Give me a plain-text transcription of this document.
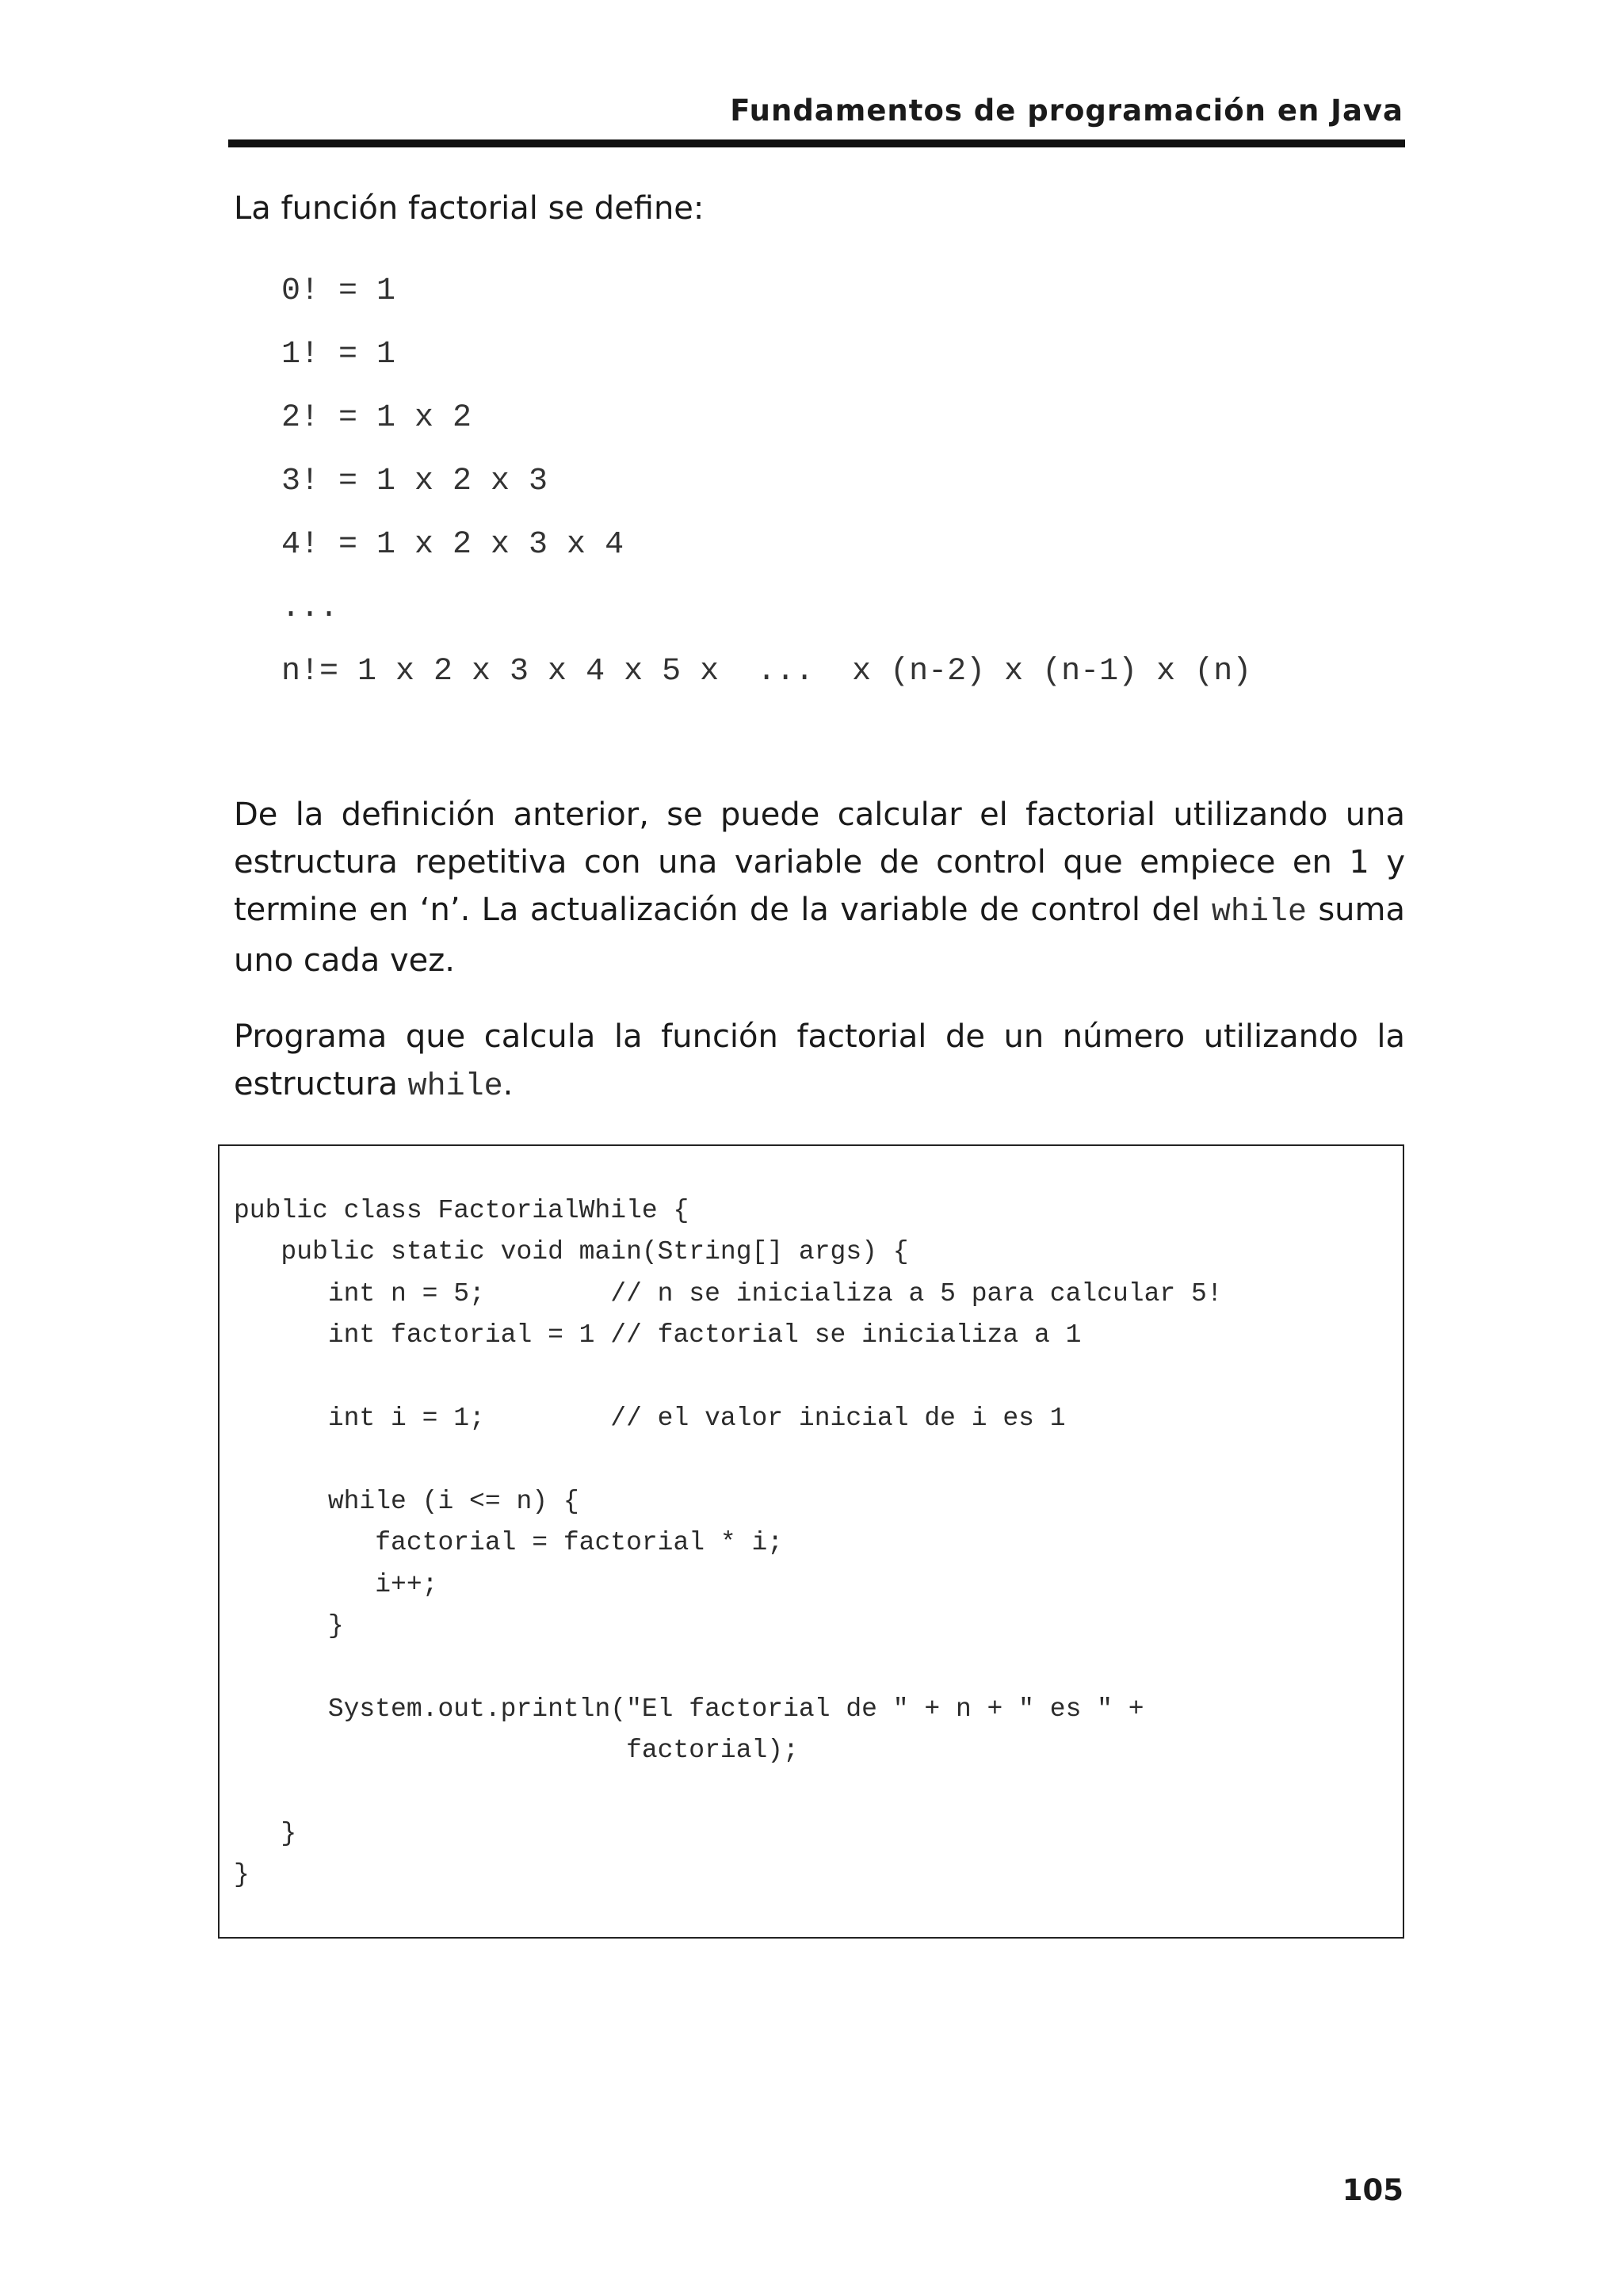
Fundamentos de programación en Java
La función factorial se define:
0! = 1
1! = 1
2! = 1 x 2
3! = 1 x 2 x 3
4! = 1 x 2 x 3 x 4
...
n!= 1 x 2 x 3 x 4 x 5 x  ...  x (n-2) x (n-1) x (n)
De la definición anterior, se puede calcular el factorial utilizando una estructura repetitiva con una variable de control que empiece en 1 y termine en ‘n’. La actualización de la variable de control del while suma uno cada vez.
Programa que calcula la función factorial de un número utilizando la estructura while.
public class FactorialWhile {
public static void main(String[] args) {
int n = 5;        // n se inicializa a 5 para calcular 5!
int factorial = 1 // factorial se inicializa a 1
int i = 1;        // el valor inicial de i es 1
while (i <= n) {
factorial = factorial * i;
i++;
}
System.out.println("El factorial de " + n + " es " +
factorial);
}
}
105
